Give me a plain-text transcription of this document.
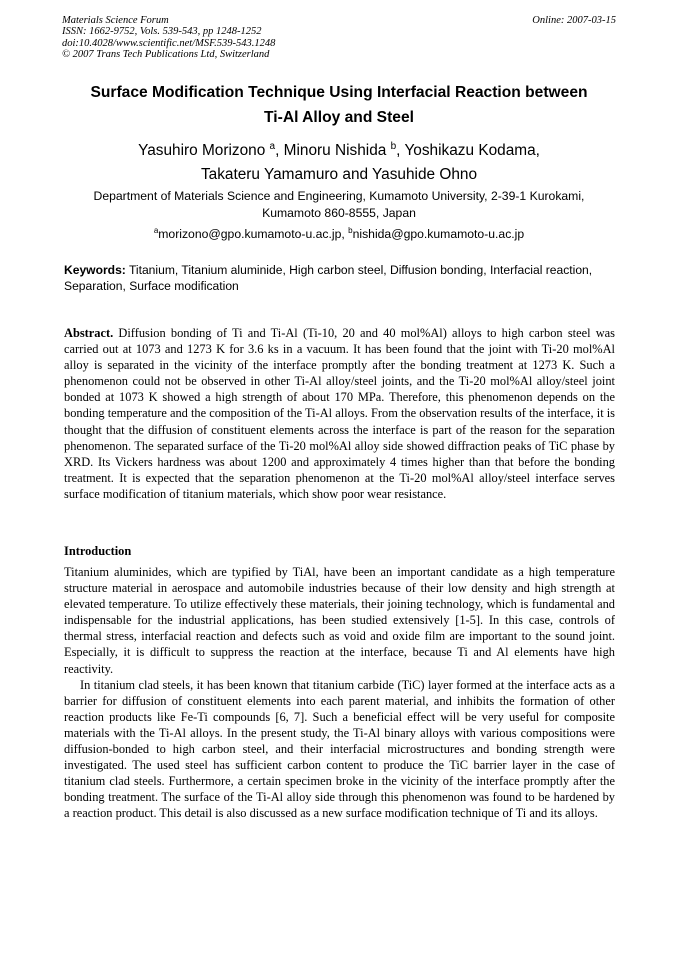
Materials Science Forum
ISSN: 1662-9752, Vols. 539-543, pp 1248-1252
doi:10.4028/www.scientific.net/MSF.539-543.1248
© 2007 Trans Tech Publications Ltd, Switzerland
Online: 2007-03-15
Surface Modification Technique Using Interfacial Reaction between
Ti-Al Alloy and Steel
Yasuhiro Morizono $^a$, Minoru Nishida $^b$, Yoshikazu Kodama,
Takateru Yamamuro and Yasuhide Ohno
Department of Materials Science and Engineering, Kumamoto University, 2-39-1 Kurokami,
Kumamoto 860-8555, Japan
$^a$morizono@gpo.kumamoto-u.ac.jp, $^b$nishida@gpo.kumamoto-u.ac.jp
Keywords: Titanium, Titanium aluminide, High carbon steel, Diffusion bonding, Interfacial reaction, Separation, Surface modification
Abstract. Diffusion bonding of Ti and Ti-Al (Ti-10, 20 and 40 mol%Al) alloys to high carbon steel was carried out at 1073 and 1273 K for 3.6 ks in a vacuum. It has been found that the joint with Ti-20 mol%Al alloy is separated in the vicinity of the interface promptly after the bonding treatment at 1273 K. Such a phenomenon could not be observed in other Ti-Al alloy/steel joints, and the Ti-20 mol%Al alloy/steel joint bonded at 1073 K showed a high strength of about 170 MPa. Therefore, this phenomenon depends on the bonding temperature and the composition of the Ti-Al alloys. From the observation results of the interface, it is thought that the diffusion of constituent elements across the interface is part of the reason for the separation phenomenon. The separated surface of the Ti-20 mol%Al alloy side showed diffraction peaks of TiC phase by XRD. Its Vickers hardness was about 1200 and approximately 4 times higher than that before the bonding treatment. It is expected that the separation phenomenon at the Ti-20 mol%Al alloy/steel interface serves surface modification of titanium materials, which show poor wear resistance.
Introduction

Titanium aluminides, which are typified by TiAl, have been an important candidate as a high temperature structure material in aerospace and automobile industries because of their low density and high strength at elevated temperature. To utilize effectively these materials, their joining technology, which is fundamental and indispensable for the industrial applications, has been studied extensively [1-5]. In this case, controls of thermal stress, interfacial reaction and defects such as void and oxide film are important to the sound joint. Especially, it is difficult to suppress the reaction at the interface, because Ti and Al elements have high reactivity.

In titanium clad steels, it has been known that titanium carbide (TiC) layer formed at the interface acts as a barrier for diffusion of constituent elements into each parent material, and inhibits the formation of other reaction products like Fe-Ti compounds [6, 7]. Such a beneficial effect will be very useful for composite materials with the Ti-Al alloys. In the present study, the Ti-Al binary alloys with various compositions were diffusion-bonded to high carbon steel, and their interfacial microstructures and bonding strength were investigated. The used steel has sufficient carbon content to produce the TiC barrier layer in the case of titanium clad steels. Furthermore, a certain specimen broke in the vicinity of the interface promptly after the bonding treatment. The surface of the Ti-Al alloy side through this phenomenon was found to be hardened by a reaction product. This detail is also discussed as a new surface modification technique of Ti and its alloys.
